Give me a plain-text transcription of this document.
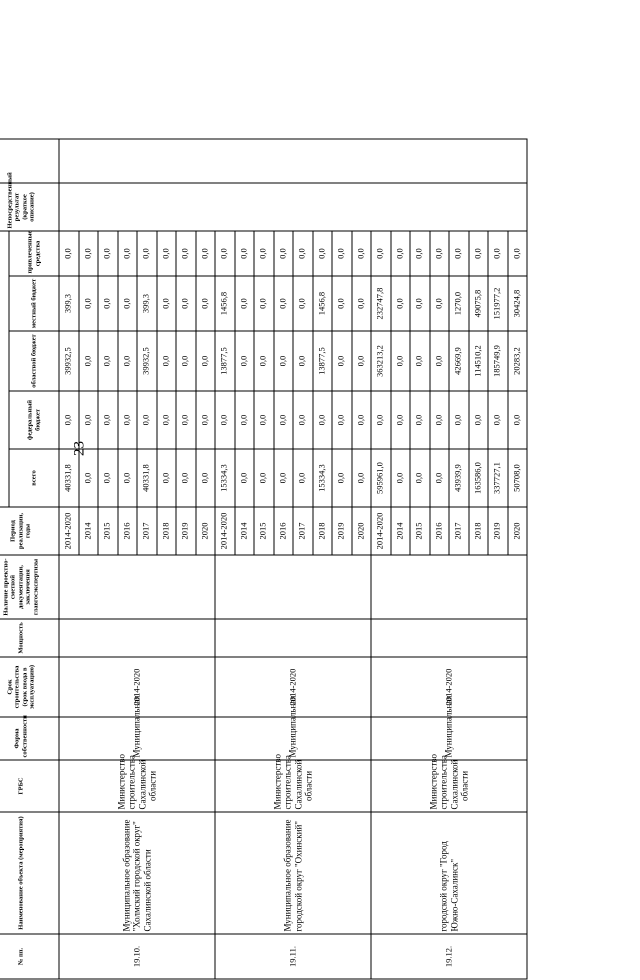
23
№ пп.	Наименование объекта (мероприятия)	ГРБС	Форма собственности	Срок строительства (срок ввода в эксплуатацию)	Мощность	Наличие проектно-сметной документации, заключения главгосэкспертизы	Период реализации, годы						Непосредственный результат (краткое описание)	
								всего	федеральный бюджет	областной бюджет	местный бюджет	привлеченные средства		
19.10.	Муниципальное образование "Холмский городской округ" Сахалинской области	Министерство строительства Сахалинской области	Муниципальная	2014-2020			2014-2020	40331,8	0,0	39932,5	399,3	0,0		
							2014	0,0	0,0	0,0	0,0	0,0		
							2015	0,0	0,0	0,0	0,0	0,0		
							2016	0,0	0,0	0,0	0,0	0,0		
							2017	40331,8	0,0	39932,5	399,3	0,0		
							2018	0,0	0,0	0,0	0,0	0,0		
							2019	0,0	0,0	0,0	0,0	0,0		
							2020	0,0	0,0	0,0	0,0	0,0		
19.11.	Муниципальное образование городской округ "Охинский"	Министерство строительства Сахалинской области	Муниципальная	2014-2020			2014-2020	15334,3	0,0	13877,5	1456,8	0,0		
							2014	0,0	0,0	0,0	0,0	0,0		
							2015	0,0	0,0	0,0	0,0	0,0		
							2016	0,0	0,0	0,0	0,0	0,0		
							2017	0,0	0,0	0,0	0,0	0,0		
							2018	15334,3	0,0	13877,5	1456,8	0,0		
							2019	0,0	0,0	0,0	0,0	0,0		
							2020	0,0	0,0	0,0	0,0	0,0		
19.12.	городской округ "Город Южно-Сахалинск"	Министерство строительства Сахалинской области	Муниципальная	2014-2020			2014-2020	595961,0	0,0	363213,2	232747,8	0,0		
							2014	0,0	0,0	0,0	0,0	0,0		
							2015	0,0	0,0	0,0	0,0	0,0		
							2016	0,0	0,0	0,0	0,0	0,0		
							2017	43939,9	0,0	42669,9	1270,0	0,0		
							2018	163586,0	0,0	114510,2	49075,8	0,0		
							2019	337727,1	0,0	185749,9	151977,2	0,0		
							2020	50708,0	0,0	20283,2	30424,8	0,0		
